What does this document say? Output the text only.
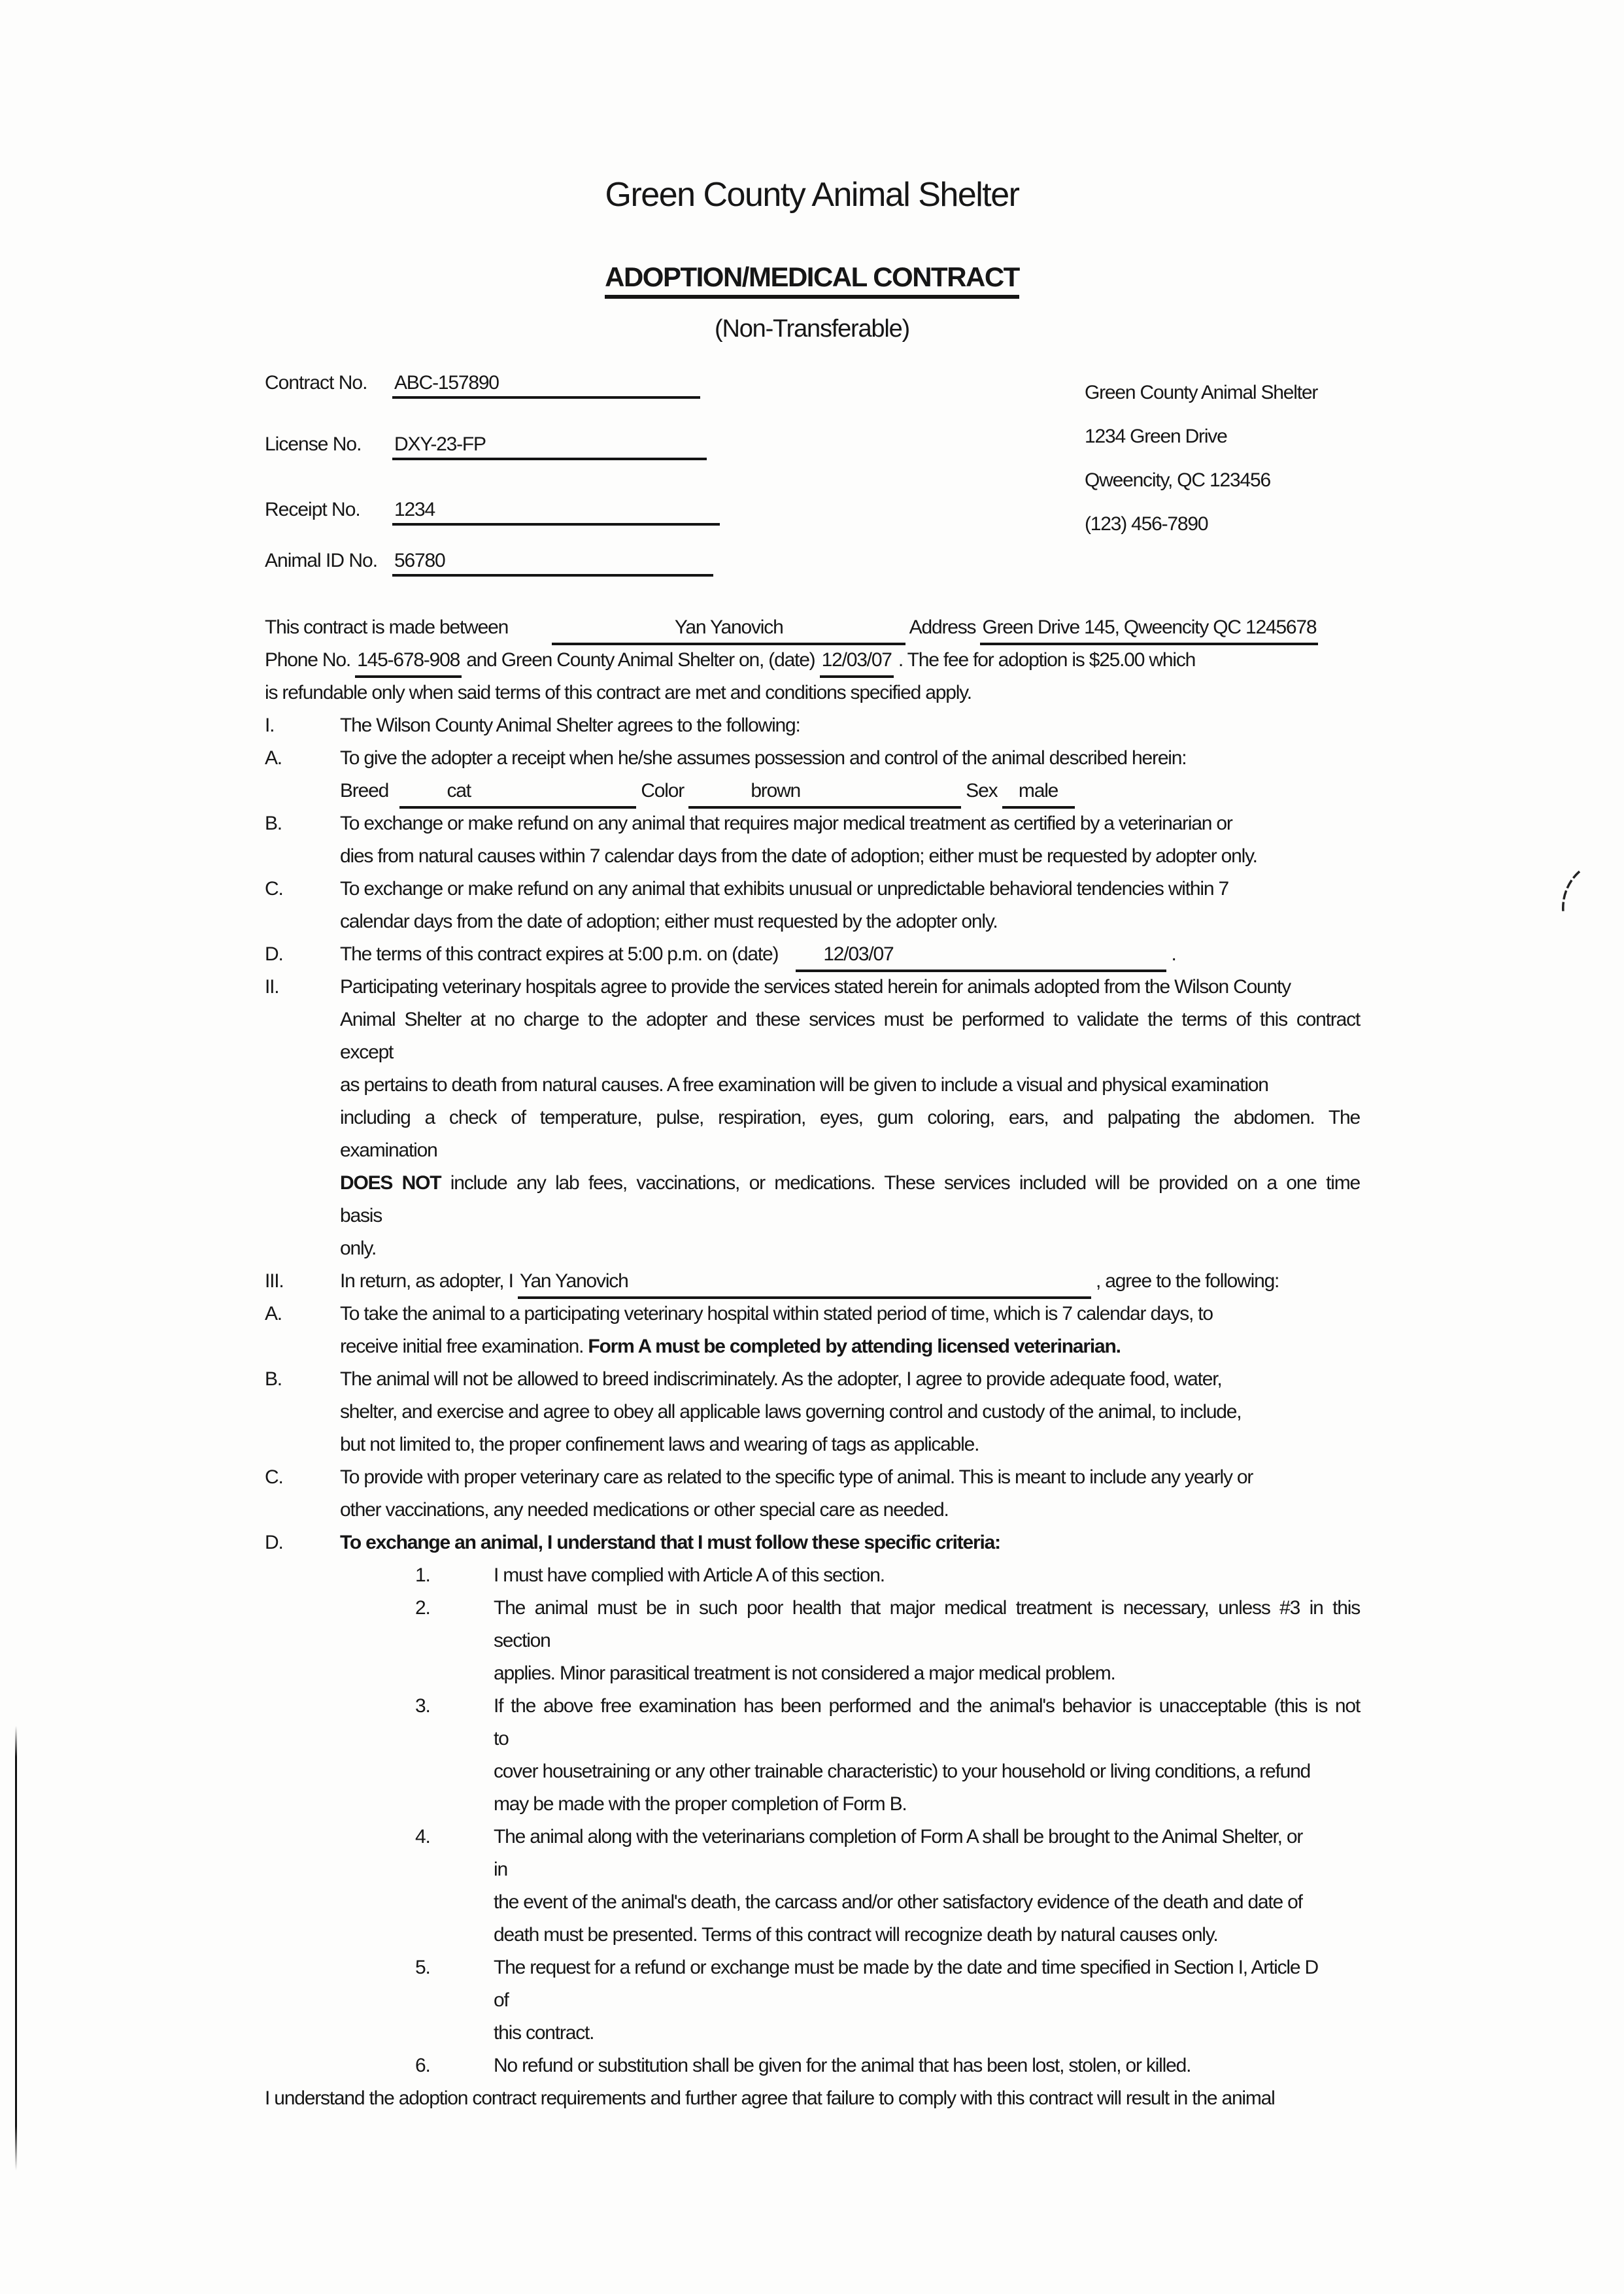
Green County Animal Shelter
ADOPTION/MEDICAL CONTRACT
(Non-Transferable)
Contract No. ABC-157890
License No. DXY-23-FP
Receipt No. 1234
Animal ID No. 56780
Green County Animal Shelter
1234 Green Drive
Qweencity, QC 123456
(123) 456-7890
This contract is made between	Yan Yanovich	Address Green Drive 145, Qweencity QC 1245678
Phone No. 145-678-908 and Green County Animal Shelter on, (date) 12/03/07 . The fee for adoption is $25.00 which
is refundable only when said terms of this contract are met and conditions specified apply.
I.	The Wilson County Animal Shelter agrees to the following:
A.	To give the adopter a receipt when he/she assumes possession and control of the animal described herein:
Breed	cat	Color	brown	Sex male
B.	To exchange or make refund on any animal that requires major medical treatment as certified by a veterinarian or
dies from natural causes within 7 calendar days from the date of adoption; either must be requested by adopter only.
C.	To exchange or make refund on any animal that exhibits unusual or unpredictable behavioral tendencies within 7
calendar days from the date of adoption; either must requested by the adopter only.
D.	The terms of this contract expires at 5:00 p.m. on (date) 12/03/07	.
II.	Participating veterinary hospitals agree to provide the services stated herein for animals adopted from the Wilson County
Animal Shelter at no charge to the adopter and these services must be performed to validate the terms of this contract
except
as pertains to death from natural causes. A free examination will be given to include a visual and physical examination
including a check of temperature, pulse, respiration, eyes, gum coloring, ears, and palpating the abdomen. The
examination
DOES NOT include any lab fees, vaccinations, or medications. These services included will be provided on a one time
basis
only.
III.	In return, as adopter, I Yan Yanovich	, agree to the following:
A.	To take the animal to a participating veterinary hospital within stated period of time, which is 7 calendar days, to
receive initial free examination. Form A must be completed by attending licensed veterinarian.
B.	The animal will not be allowed to breed indiscriminately. As the adopter, I agree to provide adequate food, water,
shelter, and exercise and agree to obey all applicable laws governing control and custody of the animal, to include,
but not limited to, the proper confinement laws and wearing of tags as applicable.
C.	To provide with proper veterinary care as related to the specific type of animal. This is meant to include any yearly or
other vaccinations, any needed medications or other special care as needed.
D.	To exchange an animal, I understand that I must follow these specific criteria:
1.	I must have complied with Article A of this section.
2.	The animal must be in such poor health that major medical treatment is necessary, unless #3 in this
section
applies. Minor parasitical treatment is not considered a major medical problem.
3.	If the above free examination has been performed and the animal's behavior is unacceptable (this is not
to
cover housetraining or any other trainable characteristic) to your household or living conditions, a refund
may be made with the proper completion of Form B.
4.	The animal along with the veterinarians completion of Form A shall be brought to the Animal Shelter, or
in
the event of the animal's death, the carcass and/or other satisfactory evidence of the death and date of
death must be presented. Terms of this contract will recognize death by natural causes only.
5.	The request for a refund or exchange must be made by the date and time specified in Section I, Article D
of
this contract.
6.	No refund or substitution shall be given for the animal that has been lost, stolen, or killed.
I understand the adoption contract requirements and further agree that failure to comply with this contract will result in the animal
